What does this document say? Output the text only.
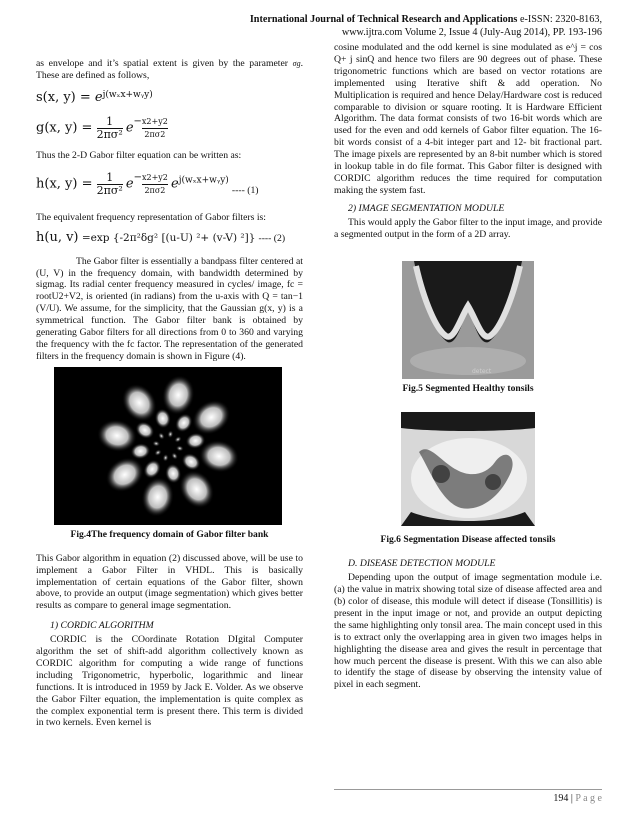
International Journal of Technical Research and Applications e-ISSN: 2320-8163,
www.ijtra.com Volume 2, Issue 4 (July-Aug 2014), PP. 193-196

as envelope and it’s spatial extent is given by the parameter σg. These are defined as follows,

s(x, $y) = e^{j(w_xx+wᵧy)}$
g(x, $y) = \frac{1}{\text{2πσ²}} e- \frac{x2+y2}{2\pi\sigma 2}$

Thus the 2-D Gabor filter equation can be written as:

h(x, $y) = \frac{1}{\text{2πσ²}} e- \frac{x2+y2}{2\pi\sigma 2} e^{j(w_xx+wᵧy)}$ ---- (1)

The equivalent frequency representation of Gabor filters is:

h(u, v) =exp {-2π²δg² [(u-U) ²+ (v-V) ²]} ---- (2)

The Gabor filter is essentially a bandpass filter centered at (U, V) in the frequency domain, with bandwidth determined by sigmag. Its radial center frequency measured in cycles/ image, fc = rootU2+V2, is oriented (in radians) from the u-axis with Q = tan−1 (V/U). We assume, for the simplicity, that the Gaussian g(x, y) is a symmetrical function. The Gabor filter bank is obtained by generating Gabor filters for all directions from 0 to 360 and varying the frequency with the fc factor. The representation of the generated filters in the frequency domain is shown in Figure (4).

Fig.4The frequency domain of Gabor filter bank

This Gabor algorithm in equation (2) discussed above, will be use to implement a Gabor Filter in VHDL. This is basically implementation of certain equations of the Gabor filter, shown above, to provide an output (image segmentation) which gives better results as compare to general image segmentation.

1) CORDIC ALGORITHM

CORDIC is the COordinate Rotation DIgital Computer algorithm the set of shift-add algorithm collectively known as CORDIC algorithm for computing a wide range of functions including Trigonometric, hyperbolic, logarithmic and linear functions. It is introduced in 1959 by Jack E. Volder. As we observe the Gabor Filter equation, the implementation is quite complex as the complex exponential term is present there. This term is divided in two kernels. Even kernel is

cosine modulated and the odd kernel is sine modulated as e^j = cos Q+ j sinQ and hence two filers are 90 degrees out of phase. These trigonometric functions which are based on vector rotations are implemented using Iterative shift & add operation. No Multiplication is required and hence Delay/Hardware cost is reduced comparable to division or square rooting. It is Hardware Efficient Algorithm. The data format consists of two 16-bit words which are used for the even and odd kernels of Gabor filter equation. The 16-bit words consist of a 4-bit integer part and 12- bit fractional part. The image pixels are represented by an 8-bit number which is stored in lookup table in do file format. This Gabor filter is designed with CORDIC algorithm reduces the time required for computation making the system fast.

2) IMAGE SEGMENTATION MODULE

This would apply the Gabor filter to the input image, and provide a segmented output in the form of a 2D array.

detect
Fig.5 Segmented Healthy tonsils
Fig.6 Segmentation Disease affected tonsils

D. DISEASE DETECTION MODULE

Depending upon the output of image segmentation module i.e. (a) the value in matrix showing total size of disease affected area and (b) color of disease, this module will detect if disease (Tonsillitis) is present in the input image or not, and provide an output depicting the same highlighting only tonsil area. The main concept used in this is to extract only the overlapping area in given two images helps in highlighting the disease area and gives the result in percentage that how much percent the disease is present. With this we can also able to identify the stage of disease by observing the intensity value of pixel in each segment.

194 | P a g e
